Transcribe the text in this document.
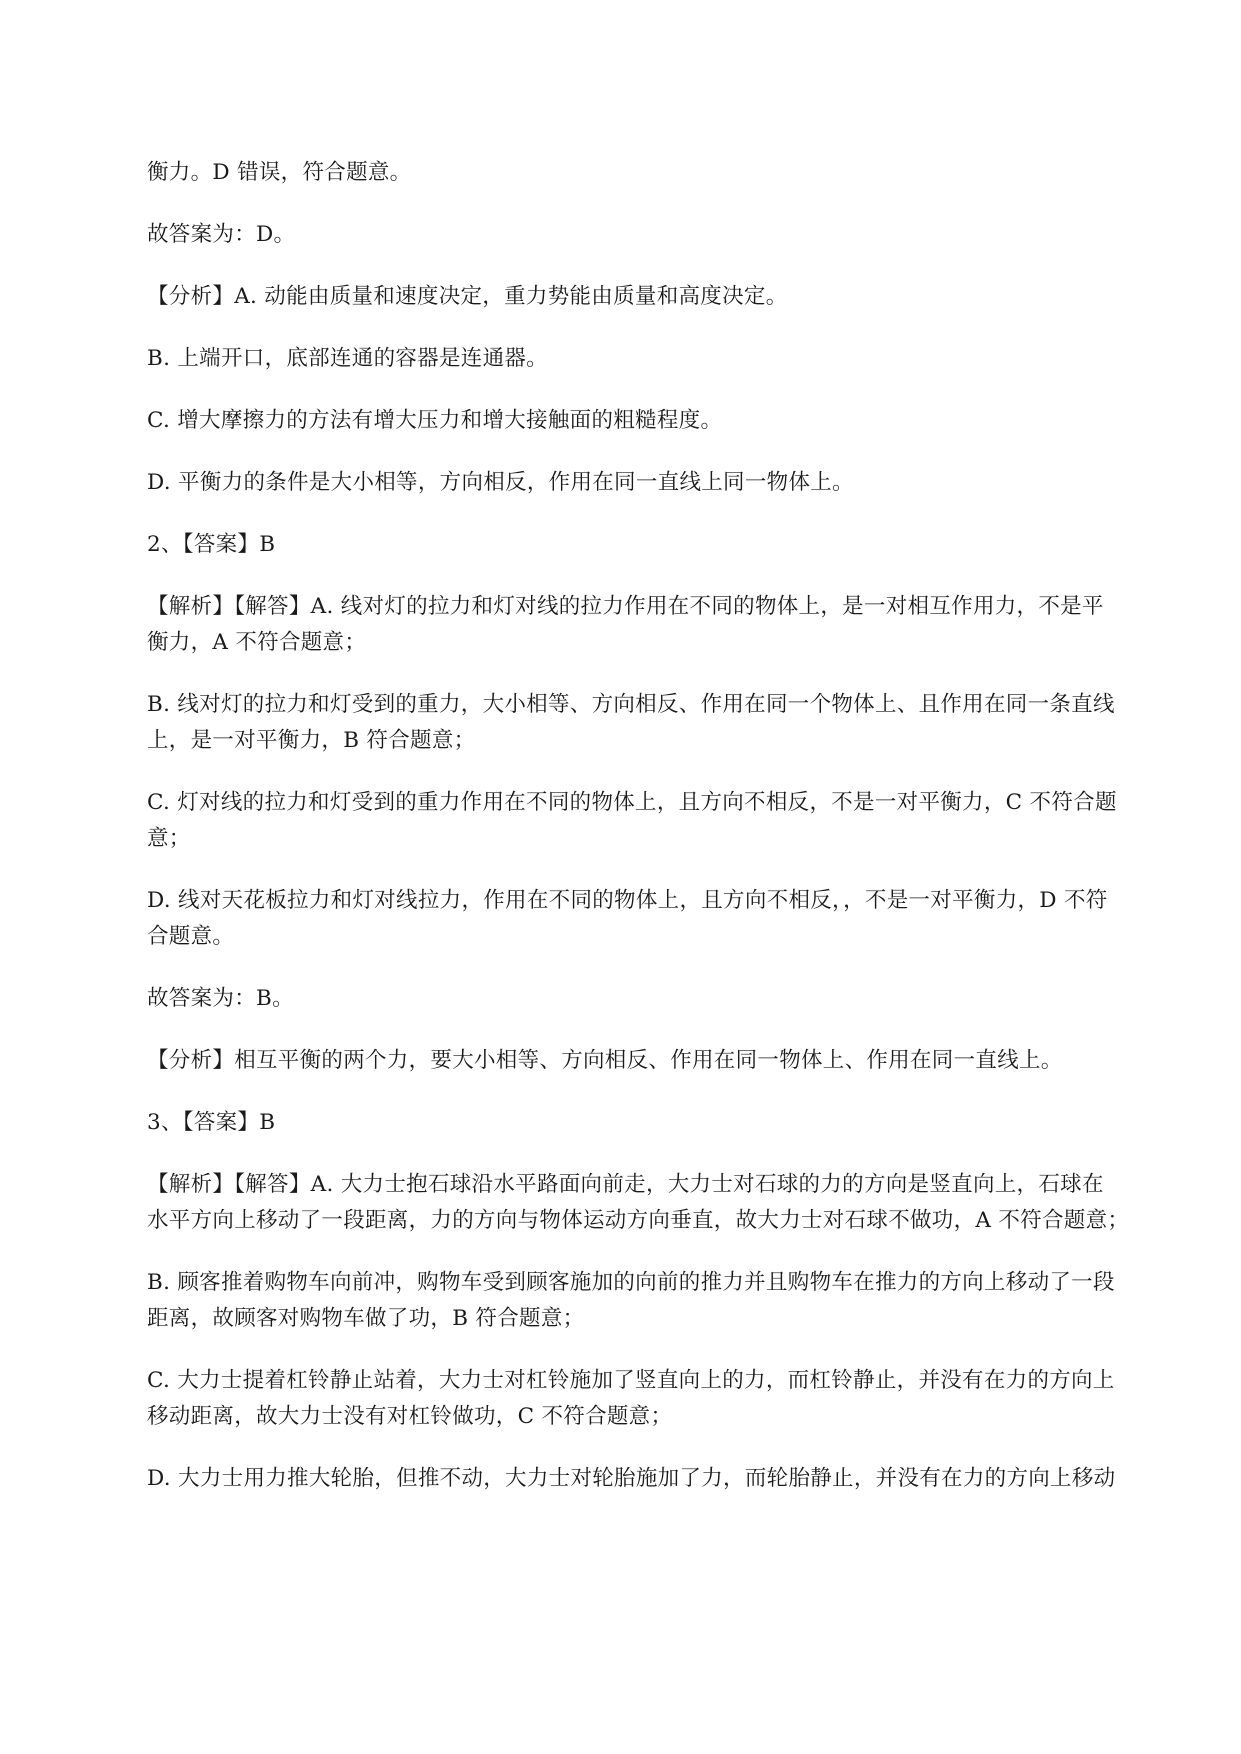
衡力。D 错误，符合题意。

故答案为：D。

【分析】A. 动能由质量和速度决定，重力势能由质量和高度决定。

B. 上端开口，底部连通的容器是连通器。

C. 增大摩擦力的方法有增大压力和增大接触面的粗糙程度。

D. 平衡力的条件是大小相等，方向相反，作用在同一直线上同一物体上。

2、【答案】B

【解析】【解答】A. 线对灯的拉力和灯对线的拉力作用在不同的物体上，是一对相互作用力，不是平
衡力，A 不符合题意；

B. 线对灯的拉力和灯受到的重力，大小相等、方向相反、作用在同一个物体上、且作用在同一条直线
上，是一对平衡力，B 符合题意；

C. 灯对线的拉力和灯受到的重力作用在不同的物体上，且方向不相反，不是一对平衡力，C 不符合题
意；

D. 线对天花板拉力和灯对线拉力，作用在不同的物体上，且方向不相反，，不是一对平衡力，D 不符
合题意。

故答案为：B。

【分析】相互平衡的两个力，要大小相等、方向相反、作用在同一物体上、作用在同一直线上。

3、【答案】B

【解析】【解答】A. 大力士抱石球沿水平路面向前走，大力士对石球的力的方向是竖直向上，石球在
水平方向上移动了一段距离，力的方向与物体运动方向垂直，故大力士对石球不做功，A 不符合题意；

B. 顾客推着购物车向前冲，购物车受到顾客施加的向前的推力并且购物车在推力的方向上移动了一段
距离，故顾客对购物车做了功，B 符合题意；

C. 大力士提着杠铃静止站着，大力士对杠铃施加了竖直向上的力，而杠铃静止，并没有在力的方向上
移动距离，故大力士没有对杠铃做功，C 不符合题意；

D. 大力士用力推大轮胎，但推不动，大力士对轮胎施加了力，而轮胎静止，并没有在力的方向上移动
